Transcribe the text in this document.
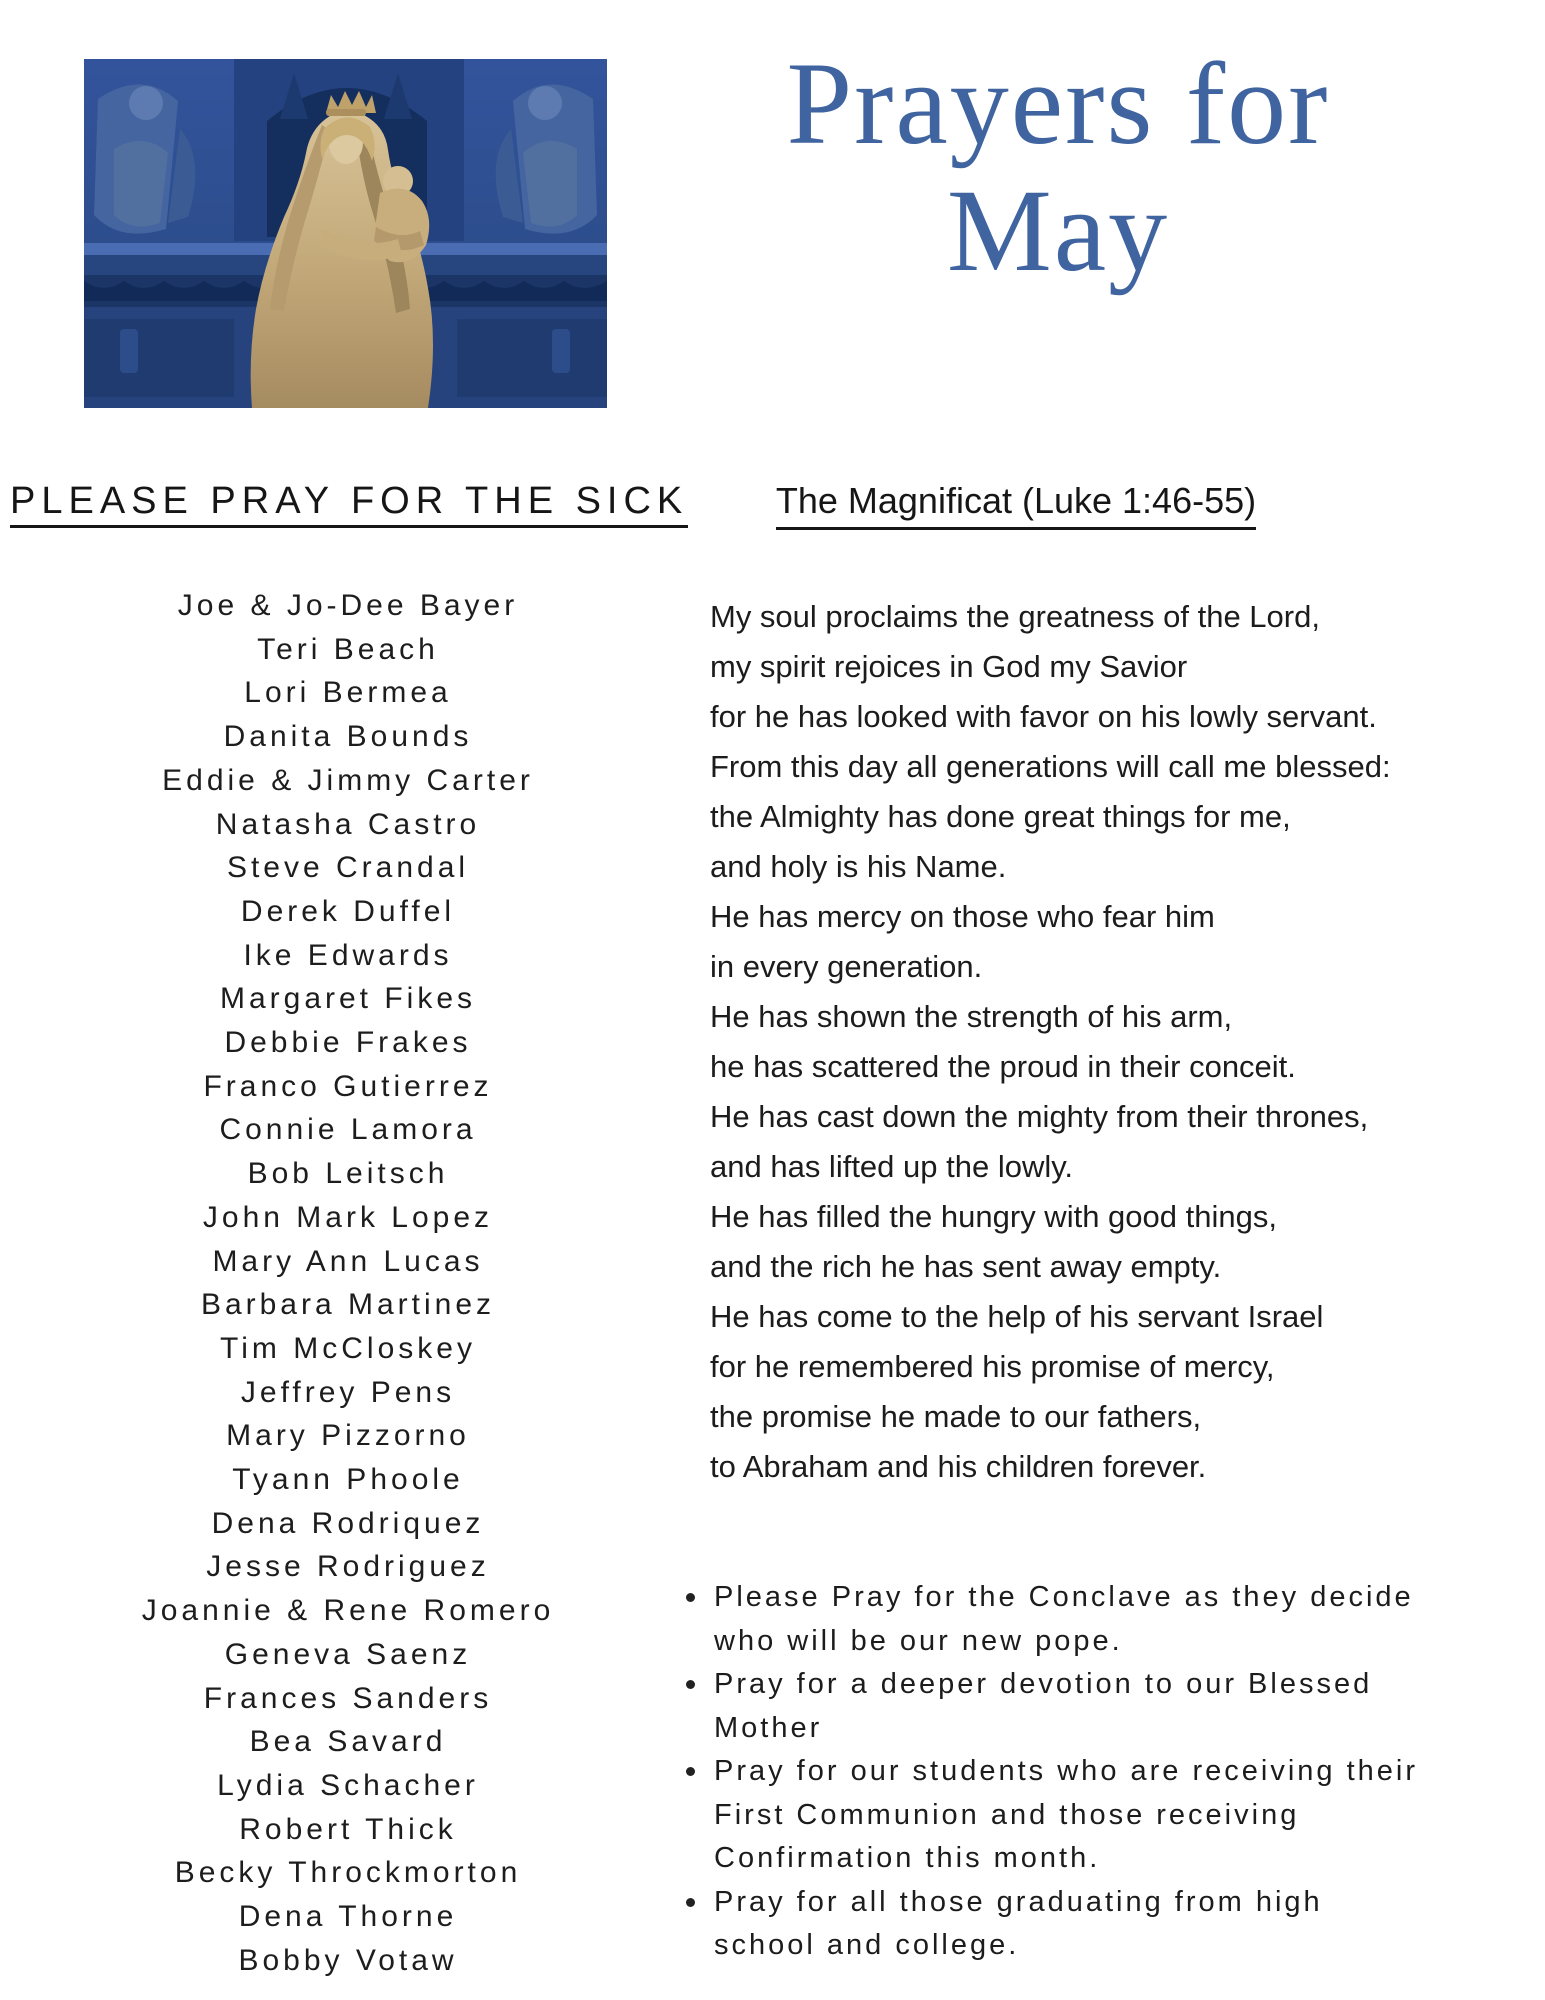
Prayers for
May
PLEASE PRAY FOR THE SICK
Joe & Jo-Dee Bayer
Teri Beach
Lori Bermea
Danita Bounds
Eddie & Jimmy Carter
Natasha Castro
Steve Crandal
Derek Duffel
Ike Edwards
Margaret Fikes
Debbie Frakes
Franco Gutierrez
Connie Lamora
Bob Leitsch
John Mark Lopez
Mary Ann Lucas
Barbara Martinez
Tim McCloskey
Jeffrey Pens
Mary Pizzorno
Tyann Phoole
Dena Rodriquez
Jesse Rodriguez
Joannie & Rene Romero
Geneva Saenz
Frances Sanders
Bea Savard
Lydia Schacher
Robert Thick
Becky Throckmorton
Dena Thorne
Bobby Votaw
The Magnificat (Luke 1:46-55)
My soul proclaims the greatness of the Lord,
my spirit rejoices in God my Savior
for he has looked with favor on his lowly servant.
From this day all generations will call me blessed:
the Almighty has done great things for me,
and holy is his Name.
He has mercy on those who fear him
in every generation.
He has shown the strength of his arm,
he has scattered the proud in their conceit.
He has cast down the mighty from their thrones,
and has lifted up the lowly.
He has filled the hungry with good things,
and the rich he has sent away empty.
He has come to the help of his servant Israel
for he remembered his promise of mercy,
the promise he made to our fathers,
to Abraham and his children forever.
Please Pray for the Conclave as they decide
who will be our new pope.
Pray for a deeper devotion to our Blessed
Mother
Pray for our students who are receiving their
First Communion and those receiving
Confirmation this month.
Pray for all those graduating from high
school and college.
